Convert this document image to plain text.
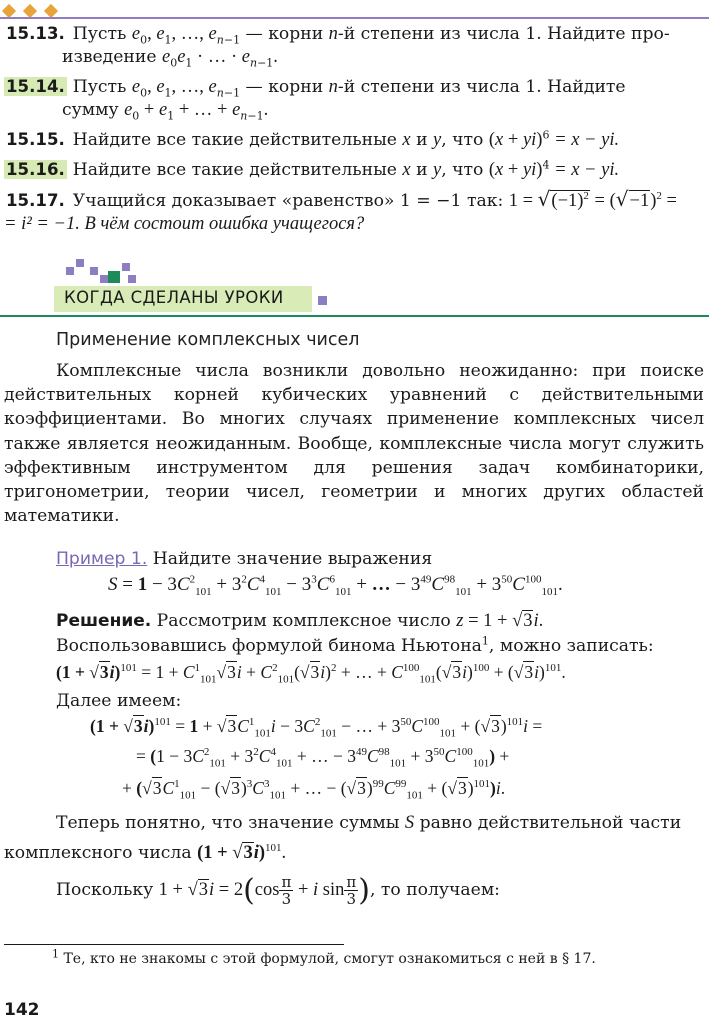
15.13. Пусть $e_0$, $e_1$, …, $e_{n-1}$ — корни n-й степени из числа 1. Найдите про-
изведение $e_0e_1$ · … · $e_{n-1}$.
15.14. Пусть $e_0$, $e_1$, …, $e_{n-1}$ — корни n-й степени из числа 1. Найдите
сумму $e_0 + e_1$ + … + $e_{n-1}$.
15.15. Найдите все такие действительные x и y, что (x + yi)$^6$ = x − yi.
15.16. Найдите все такие действительные x и y, что (x + yi)$^4$ = x − yi.
15.17. Учащийся доказывает «равенство» 1 = −1 так: $1 = √(-1)^2 = (√-1)^2$ =
= i² = −1. В чём состоит ошибка учащегося?
КОГДА СДЕЛАНЫ УРОКИ
Применение комплексных чисел

Комплексные числа возникли довольно неожиданно: при поиске действительных корней кубических уравнений с действительными коэффициентами. Во многих случаях применение комплексных чисел также является неожиданным. Вообще, комплексные числа могут служить эффективным инструментом для решения задач комбинаторики, тригонометрии, теории чисел, геометрии и многих других областей математики.

Пример 1. Найдите значение выражения
$S = 1 - 3C^2_{101} + 3^2C^4_{101} - 3^3C^6_{101}$ + … − $3^{49}C^{98}_{101} + 3^{50}C^{100}_{101}$.
Решение. Рассмотрим комплексное число z = 1 + √3i.
Воспользовавшись формулой бинома Ньютона$^1$, можно записать:
$(1 + √3i)^{101} = 1 + C^1_{101}√3i + C^2_{101}(√3i)^2$ + … + $C^{100}_{101}(√3i)^{100} + (√3i)^{101}$.
Далее имеем:
$(1 + √3i)^{101} = 1 + √3C^1_{101}i - 3C^2_{101}$ − … + $3^{50}C^{100}_{101} + (√3)^{101}i$ =
= ($1 - 3C^2_{101} + 3^2C^4_{101}$ + … − $3^{49}C^{98}_{101} + 3^{50}C^{100}_{101}$) +
+ ($√3C^1_{101} - (√3)^3C^3_{101}$ + … − $(√3)^{99}C^{99}_{101} + (√3)^{101})i$.
Теперь понятно, что значение суммы S равно действительной части
комплексного числа $(1 + √3i)^{101}$.
Поскольку $1 + √3i = 2(\cos \frac{\pi}{3} + i$ $\sin \frac{\pi}{3}$ ), то получаем:
$^1$ Те, кто не знакомы с этой формулой, смогут ознакомиться с ней в § 17.
142
